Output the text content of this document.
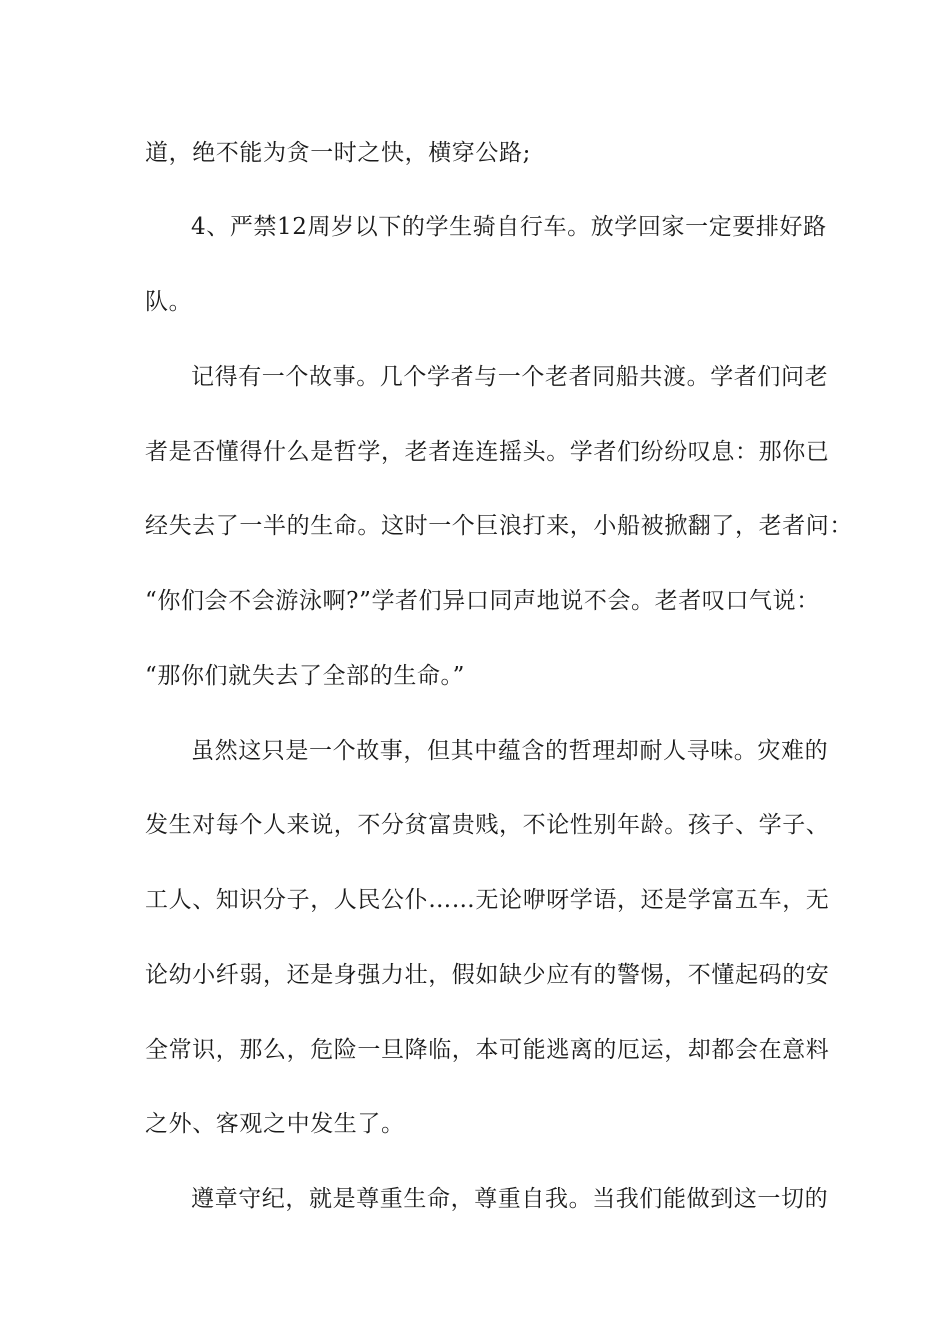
道，绝不能为贪一时之快，横穿公路;
4、严禁12周岁以下的学生骑自行车。放学回家一定要排好路
队。
记得有一个故事。几个学者与一个老者同船共渡。学者们问老
者是否懂得什么是哲学，老者连连摇头。学者们纷纷叹息：那你已
经失去了一半的生命。这时一个巨浪打来，小船被掀翻了，老者问：
“你们会不会游泳啊?”学者们异口同声地说不会。老者叹口气说：
“那你们就失去了全部的生命。”
虽然这只是一个故事，但其中蕴含的哲理却耐人寻味。灾难的
发生对每个人来说，不分贫富贵贱，不论性别年龄。孩子、学子、
工人、知识分子，人民公仆……无论咿呀学语，还是学富五车，无
论幼小纤弱，还是身强力壮，假如缺少应有的警惕，不懂起码的安
全常识，那么，危险一旦降临，本可能逃离的厄运，却都会在意料
之外、客观之中发生了。
遵章守纪，就是尊重生命，尊重自我。当我们能做到这一切的
